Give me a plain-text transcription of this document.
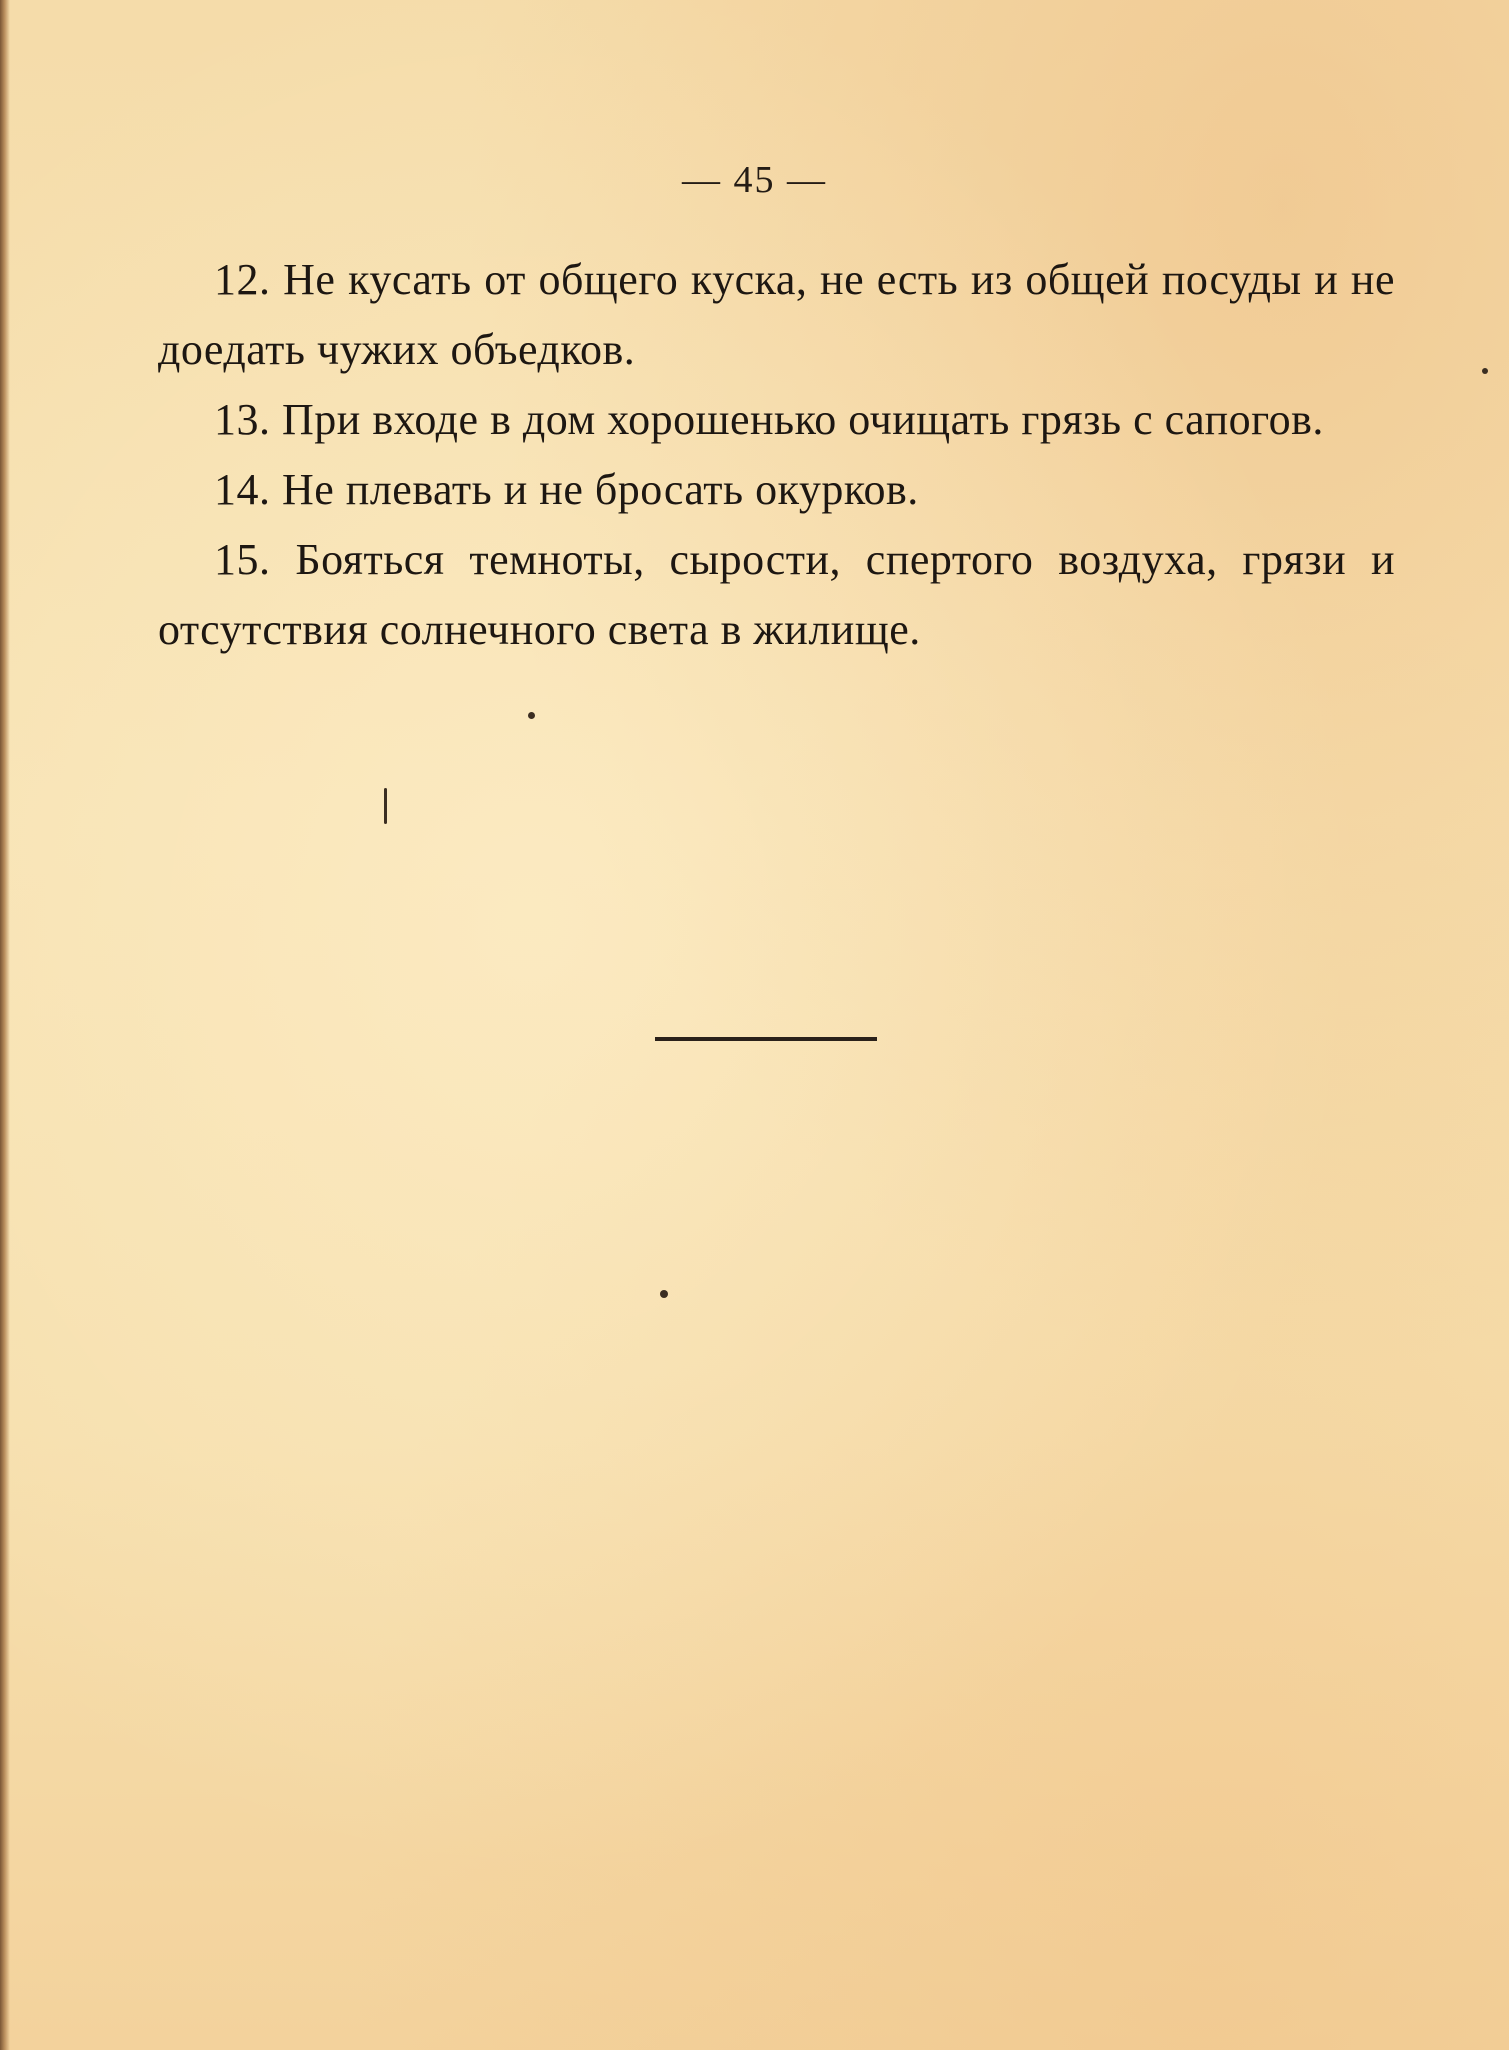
— 45 —

12. Не кусать от общего куска, не есть из общей посуды и не доедать чужих объедков.

13. При входе в дом хорошенько очищать грязь с сапогов.

14. Не плевать и не бросать окурков.

15. Бояться темноты, сырости, спертого воздуха, грязи и отсутствия солнечного света в жилище.
